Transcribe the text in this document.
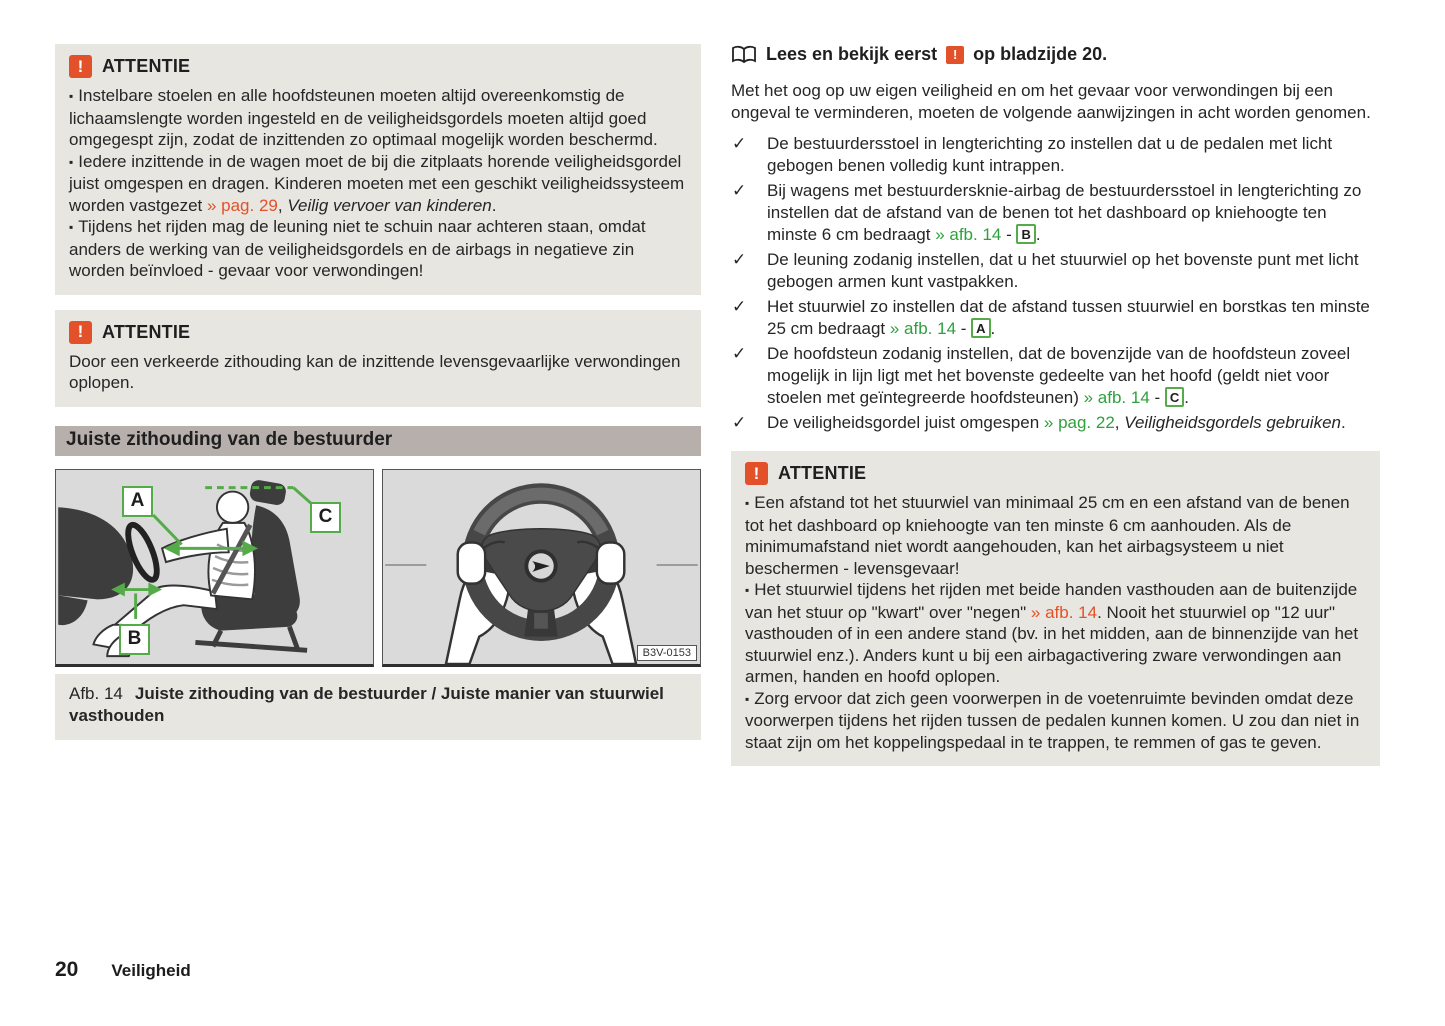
! ATTENTIE

▪ Instelbare stoelen en alle hoofdsteunen moeten altijd overeenkomstig de lichaamslengte worden ingesteld en de veiligheidsgordels moeten altijd goed omgegespt zijn, zodat de inzittenden zo optimaal mogelijk worden beschermd.

▪ Iedere inzittende in de wagen moet de bij die zitplaats horende veiligheidsgordel juist omgespen en dragen. Kinderen moeten met een geschikt veiligheidssysteem worden vastgezet » pag. 29, Veilig vervoer van kinderen.

▪ Tijdens het rijden mag de leuning niet te schuin naar achteren staan, omdat anders de werking van de veiligheidsgordels en de airbags in negatieve zin worden beïnvloed - gevaar voor verwondingen!

! ATTENTIE

Door een verkeerde zithouding kan de inzittende levensgevaarlijke verwondingen oplopen.

Juiste zithouding van de bestuurder
A
B
C
B3V-0153
Afb. 14 Juiste zithouding van de bestuurder / Juiste manier van stuurwiel vasthouden
Lees en bekijk eerst ! op bladzijde 20.

Met het oog op uw eigen veiligheid en om het gevaar voor verwondingen bij een ongeval te verminderen, moeten de volgende aanwijzingen in acht worden genomen.

✓ De bestuurdersstoel in lengterichting zo instellen dat u de pedalen met licht gebogen benen volledig kunt intrappen.
✓ Bij wagens met bestuurdersknie-airbag de bestuurdersstoel in lengterichting zo instellen dat de afstand van de benen tot het dashboard op kniehoogte ten minste 6 cm bedraagt » afb. 14 - B .
✓ De leuning zodanig instellen, dat u het stuurwiel op het bovenste punt met licht gebogen armen kunt vastpakken.
✓ Het stuurwiel zo instellen dat de afstand tussen stuurwiel en borstkas ten minste 25 cm bedraagt » afb. 14 - A .
✓ De hoofdsteun zodanig instellen, dat de bovenzijde van de hoofdsteun zoveel mogelijk in lijn ligt met het bovenste gedeelte van het hoofd (geldt niet voor stoelen met geïntegreerde hoofdsteunen) » afb. 14 - C .
✓ De veiligheidsgordel juist omgespen » pag. 22, Veiligheidsgordels gebruiken.
! ATTENTIE

▪ Een afstand tot het stuurwiel van minimaal 25 cm en een afstand van de benen tot het dashboard op kniehoogte van ten minste 6 cm aanhouden. Als de minimumafstand niet wordt aangehouden, kan het airbagsysteem u niet beschermen - levensgevaar!

▪ Het stuurwiel tijdens het rijden met beide handen vasthouden aan de buitenzijde van het stuur op "kwart" over "negen" » afb. 14. Nooit het stuurwiel op "12 uur" vasthouden of in een andere stand (bv. in het midden, aan de binnenzijde van het stuurwiel enz.). Anders kunt u bij een airbagactivering zware verwondingen aan armen, handen en hoofd oplopen.

▪ Zorg ervoor dat zich geen voorwerpen in de voetenruimte bevinden omdat deze voorwerpen tijdens het rijden tussen de pedalen kunnen komen. U zou dan niet in staat zijn om het koppelingspedaal in te trappen, te remmen of gas te geven.

20 Veiligheid
